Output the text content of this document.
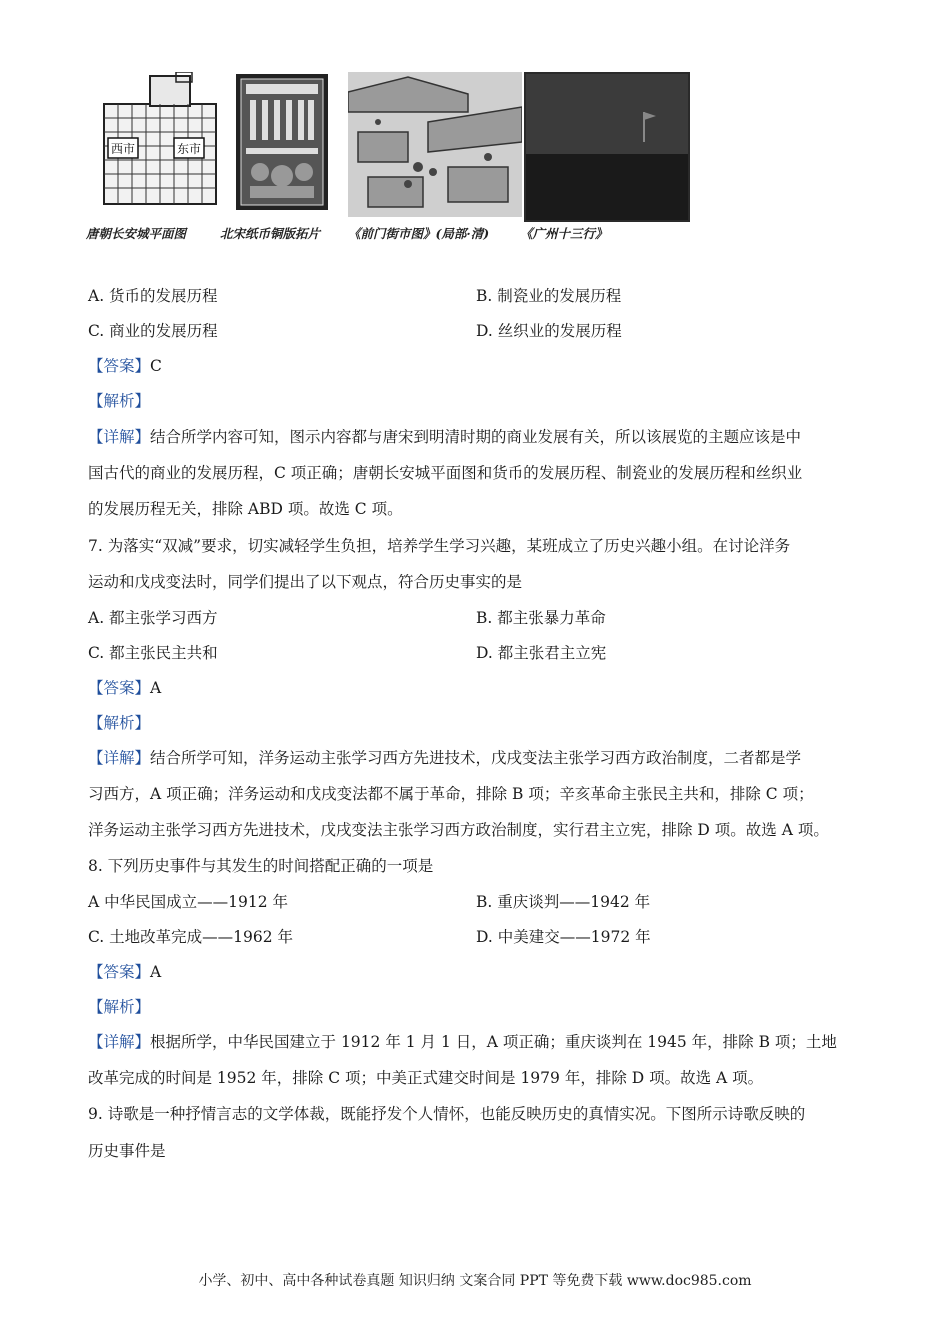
西市	东市
唐朝长安城平面图	北宋纸币铜版拓片 《前门街市图》(局部·清) 《广州十三行》
A. 货币的发展历程	B. 制瓷业的发展历程
C. 商业的发展历程	D. 丝织业的发展历程
【答案】C
【解析】
【详解】结合所学内容可知，图示内容都与唐宋到明清时期的商业发展有关，所以该展览的主题应该是中
国古代的商业的发展历程，C 项正确；唐朝长安城平面图和货币的发展历程、制瓷业的发展历程和丝织业
的发展历程无关，排除 ABD 项。故选 C 项。
7. 为落实“双减”要求，切实减轻学生负担，培养学生学习兴趣，某班成立了历史兴趣小组。在讨论洋务
运动和戊戌变法时，同学们提出了以下观点，符合历史事实的是
A. 都主张学习西方	B. 都主张暴力革命
C. 都主张民主共和	D. 都主张君主立宪
【答案】A
【解析】
【详解】结合所学可知，洋务运动主张学习西方先进技术，戊戌变法主张学习西方政治制度，二者都是学
习西方，A 项正确；洋务运动和戊戌变法都不属于革命，排除 B 项；辛亥革命主张民主共和，排除 C 项；
洋务运动主张学习西方先进技术，戊戌变法主张学习西方政治制度，实行君主立宪，排除 D 项。故选 A 项。
8. 下列历史事件与其发生的时间搭配正确的一项是
A 中华民国成立——1912 年	B. 重庆谈判——1942 年
C. 土地改革完成——1962 年	D. 中美建交——1972 年
【答案】A
【解析】
【详解】根据所学，中华民国建立于 1912 年 1 月 1 日，A 项正确；重庆谈判在 1945 年，排除 B 项；土地
改革完成的时间是 1952 年，排除 C 项；中美正式建交时间是 1979 年，排除 D 项。故选 A 项。
9. 诗歌是一种抒情言志的文学体裁，既能抒发个人情怀，也能反映历史的真情实况。下图所示诗歌反映的
历史事件是
小学、初中、高中各种试卷真题 知识归纳 文案合同 PPT 等免费下载 www.doc985.com
